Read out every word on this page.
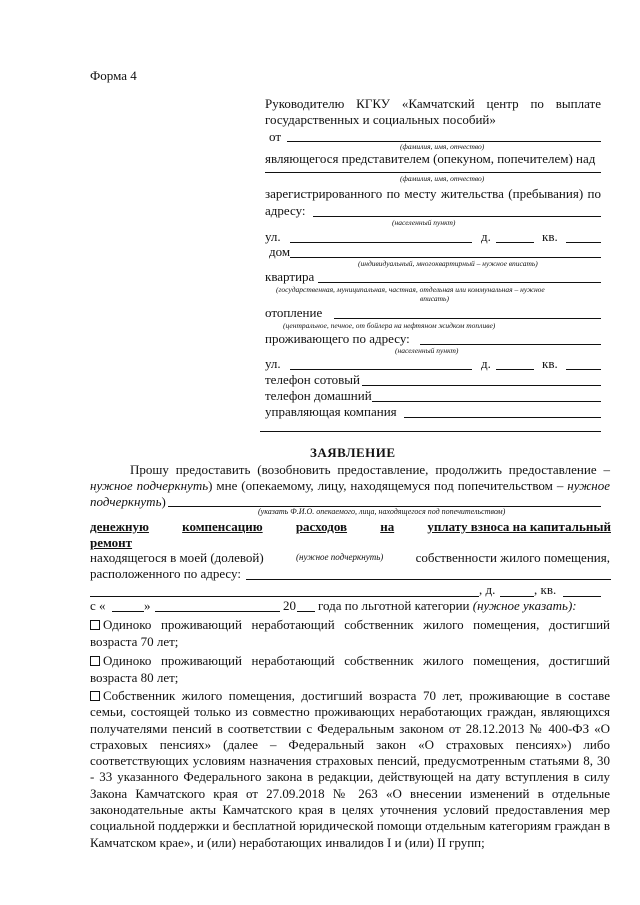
Форма 4
Руководителю КГКУ «Камчатский центр по выплате
государственных и социальных пособий»
от
(фамилия, имя, отчество)
являющегося представителем (опекуном, попечителем) над
(фамилия, имя, отчество)
зарегистрированного по месту жительства (пребывания) по
адресу:
(населенный пункт)
ул.	д.	кв.
дом
(индивидуальный, многоквартирный – нужное вписать)
квартира
(государственная, муниципальная, частная, отдельная или коммунальная – нужное
вписать)
отопление
(центральное, печное, от бойлера на нефтяном жидком топливе)
проживающего по адресу:
(населенный пункт)
ул.	д.	кв.
телефон сотовый
телефон домашний
управляющая компания
ЗАЯВЛЕНИЕ
Прошу предоставить (возобновить предоставление, продолжить предоставление –
нужное подчеркнуть) мне (опекаемому, лицу, находящемуся под попечительством – нужное
подчеркнуть)
(указать Ф.И.О. опекаемого, лица, находящегося под попечительством)
денежную	компенсацию	расходов	на	уплату взноса на капитальный
ремонт
находящегося в моей (долевой)	(нужное подчеркнуть) собственности жилого помещения,
расположенного по адресу:
, д.	, кв.
с «	»	20 года по льготной категории (нужное указать):
Одиноко проживающий неработающий собственник жилого помещения, достигший возраста 70 лет;
Одиноко проживающий неработающий собственник жилого помещения, достигший возраста 80 лет;
Собственник жилого помещения, достигший возраста 70 лет, проживающие в составе семьи, состоящей только из совместно проживающих неработающих граждан, являющихся получателями пенсий в соответствии с Федеральным законом от 28.12.2013 № 400-ФЗ «О страховых пенсиях» (далее – Федеральный закон «О страховых пенсиях») либо соответствующих условиям назначения страховых пенсий, предусмотренным статьями 8, 30 - 33 указанного Федерального закона в редакции, действующей на дату вступления в силу Закона Камчатского края от 27.09.2018 № 263 «О внесении изменений в отдельные законодательные акты Камчатского края в целях уточнения условий предоставления мер социальной поддержки и бесплатной юридической помощи отдельным категориям граждан в Камчатском крае», и (или) неработающих инвалидов I и (или) II групп;
